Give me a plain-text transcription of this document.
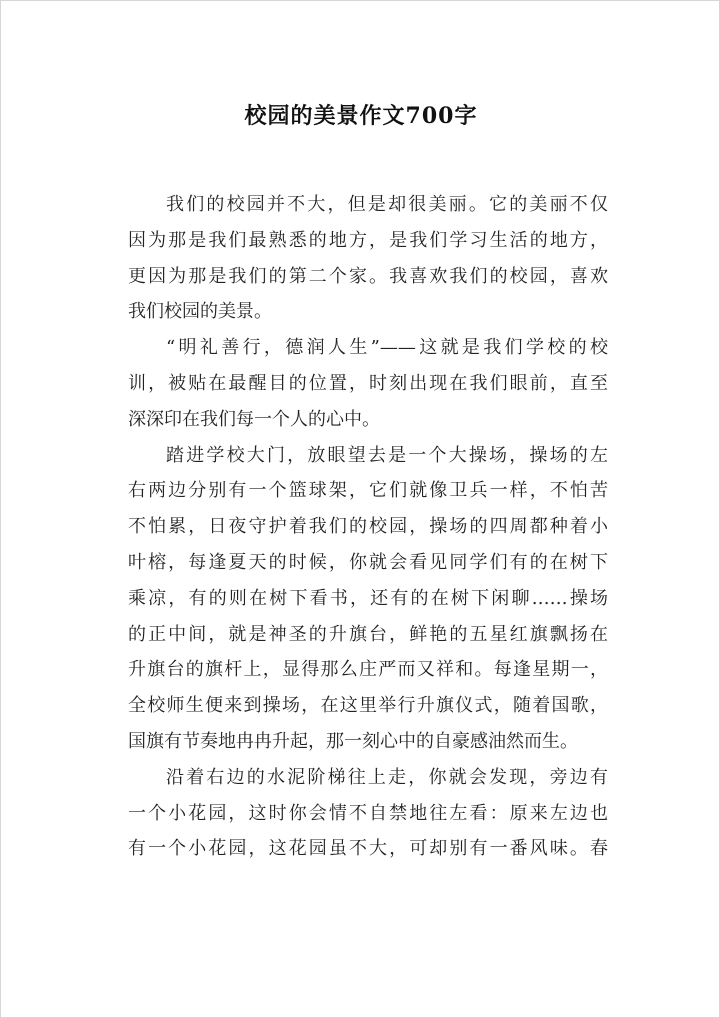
校园的美景作文700字
我们的校园并不大，但是却很美丽。它的美丽不仅
因为那是我们最熟悉的地方，是我们学习生活的地方，
更因为那是我们的第二个家。我喜欢我们的校园，喜欢
我们校园的美景。
“明礼善行，德润人生”——这就是我们学校的校
训，被贴在最醒目的位置，时刻出现在我们眼前，直至
深深印在我们每一个人的心中。
踏进学校大门，放眼望去是一个大操场，操场的左
右两边分别有一个篮球架，它们就像卫兵一样，不怕苦
不怕累，日夜守护着我们的校园，操场的四周都种着小
叶榕，每逢夏天的时候，你就会看见同学们有的在树下
乘凉，有的则在树下看书，还有的在树下闲聊……操场
的正中间，就是神圣的升旗台，鲜艳的五星红旗飘扬在
升旗台的旗杆上，显得那么庄严而又祥和。每逢星期一，
全校师生便来到操场，在这里举行升旗仪式，随着国歌，
国旗有节奏地冉冉升起，那一刻心中的自豪感油然而生。
沿着右边的水泥阶梯往上走，你就会发现，旁边有
一个小花园，这时你会情不自禁地往左看：原来左边也
有一个小花园，这花园虽不大，可却别有一番风味。春
